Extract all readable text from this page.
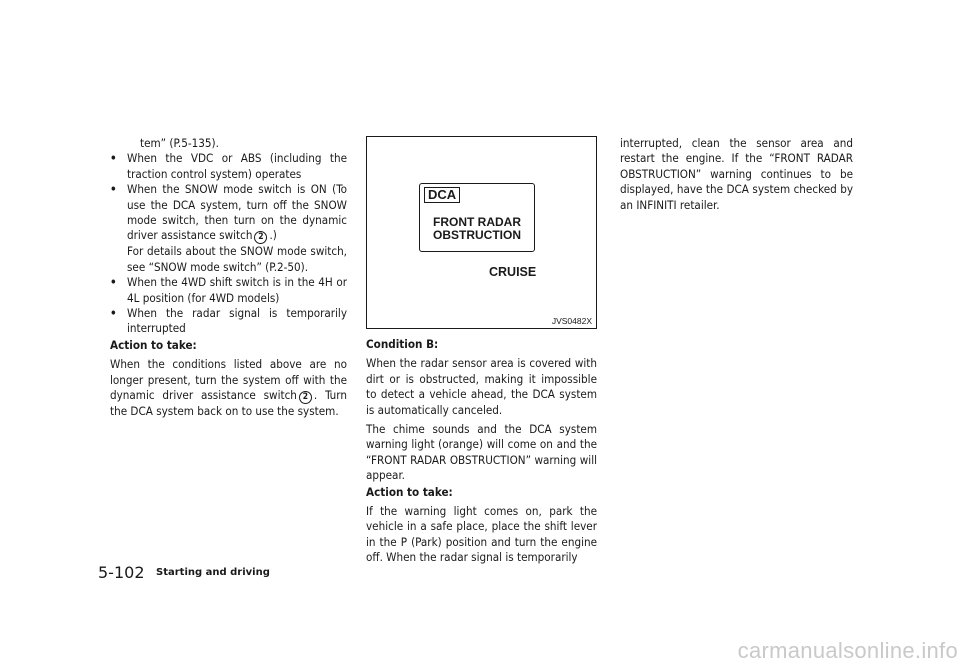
tem” (P.5-135).

• When the VDC or ABS (including the traction control system) operates

• When the SNOW mode switch is ON (To use the DCA system, turn off the SNOW mode switch, then turn on the dynamic driver assistance switch 2 .)

For details about the SNOW mode switch, see “SNOW mode switch” (P.2-50).

• When the 4WD shift switch is in the 4H or 4L position (for 4WD models)

• When the radar signal is temporarily interrupted

Action to take:

When the conditions listed above are no longer present, turn the system off with the dynamic driver assistance switch 2 . Turn the DCA system back on to use the system.

DCA
FRONT RADAR
OBSTRUCTION
CRUISE
JVS0482X

Condition B:

When the radar sensor area is covered with dirt or is obstructed, making it impossible to detect a vehicle ahead, the DCA system is automatically canceled.

The chime sounds and the DCA system warning light (orange) will come on and the “FRONT RADAR OBSTRUCTION” warning will appear.

Action to take:

If the warning light comes on, park the vehicle in a safe place, place the shift lever in the P (Park) position and turn the engine off. When the radar signal is temporarily

interrupted, clean the sensor area and restart the engine. If the “FRONT RADAR OBSTRUCTION” warning continues to be displayed, have the DCA system checked by an INFINITI retailer.

5-102 Starting and driving
carmanualsonline.info
